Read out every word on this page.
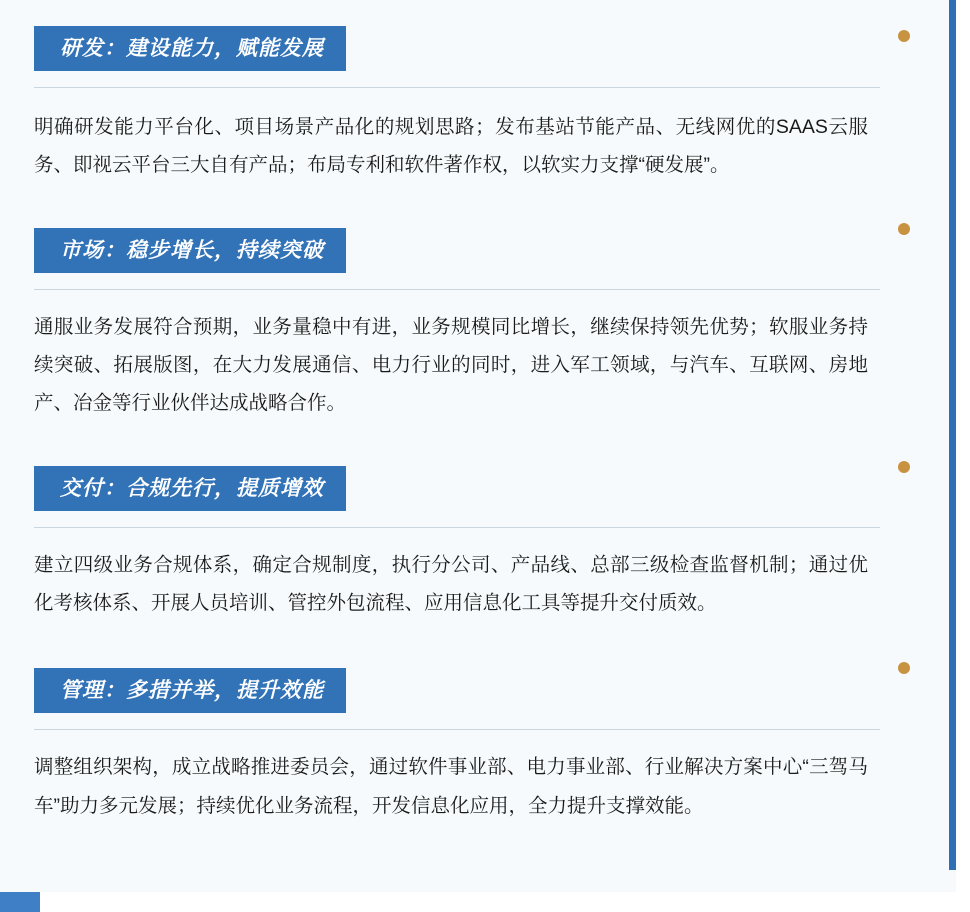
研发：建设能力，赋能发展

明确研发能力平台化、项目场景产品化的规划思路；发布基站节能产品、无线网优的SAAS云服务、即视云平台三大自有产品；布局专利和软件著作权，以软实力支撑“硬发展”。

市场：稳步增长，持续突破

通服业务发展符合预期，业务量稳中有进，业务规模同比增长，继续保持领先优势；软服业务持续突破、拓展版图，在大力发展通信、电力行业的同时，进入军工领域，与汽车、互联网、房地产、冶金等行业伙伴达成战略合作。

交付：合规先行，提质增效

建立四级业务合规体系，确定合规制度，执行分公司、产品线、总部三级检查监督机制；通过优化考核体系、开展人员培训、管控外包流程、应用信息化工具等提升交付质效。

管理：多措并举，提升效能

调整组织架构，成立战略推进委员会，通过软件事业部、电力事业部、行业解决方案中心“三驾马车”助力多元发展；持续优化业务流程，开发信息化应用，全力提升支撑效能。
